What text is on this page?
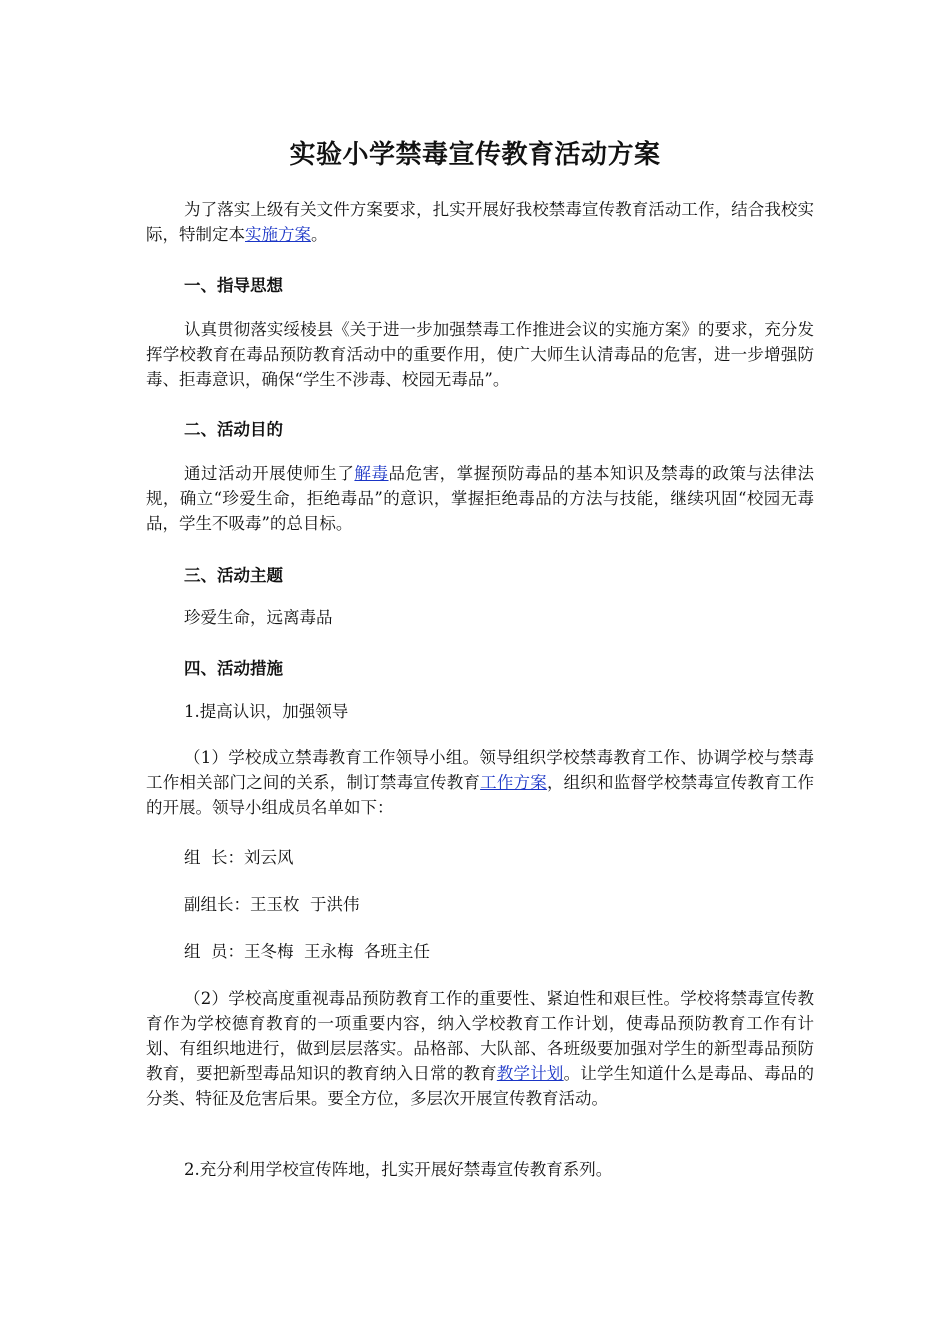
实验小学禁毒宣传教育活动方案

为了落实上级有关文件方案要求，扎实开展好我校禁毒宣传教育活动工作，结合我校实际，特制定本实施方案。

一、指导思想

认真贯彻落实绥棱县《关于进一步加强禁毒工作推进会议的实施方案》的要求，充分发挥学校教育在毒品预防教育活动中的重要作用，使广大师生认清毒品的危害，进一步增强防毒、拒毒意识，确保“学生不涉毒、校园无毒品”。

二、活动目的

通过活动开展使师生了解毒品危害，掌握预防毒品的基本知识及禁毒的政策与法律法规，确立“珍爱生命，拒绝毒品”的意识，掌握拒绝毒品的方法与技能，继续巩固“校园无毒品，学生不吸毒”的总目标。

三、活动主题
珍爱生命，远离毒品
四、活动措施
1.提高认识，加强领导

（1）学校成立禁毒教育工作领导小组。领导组织学校禁毒教育工作、协调学校与禁毒工作相关部门之间的关系，制订禁毒宣传教育工作方案，组织和监督学校禁毒宣传教育工作的开展。领导小组成员名单如下：

组  长：刘云风
副组长：王玉枚  于洪伟
组  员：王冬梅  王永梅  各班主任

（2）学校高度重视毒品预防教育工作的重要性、紧迫性和艰巨性。学校将禁毒宣传教育作为学校德育教育的一项重要内容，纳入学校教育工作计划，使毒品预防教育工作有计划、有组织地进行，做到层层落实。品格部、大队部、各班级要加强对学生的新型毒品预防教育，要把新型毒品知识的教育纳入日常的教育教学计划。让学生知道什么是毒品、毒品的分类、特征及危害后果。要全方位，多层次开展宣传教育活动。

2.充分利用学校宣传阵地，扎实开展好禁毒宣传教育系列。
